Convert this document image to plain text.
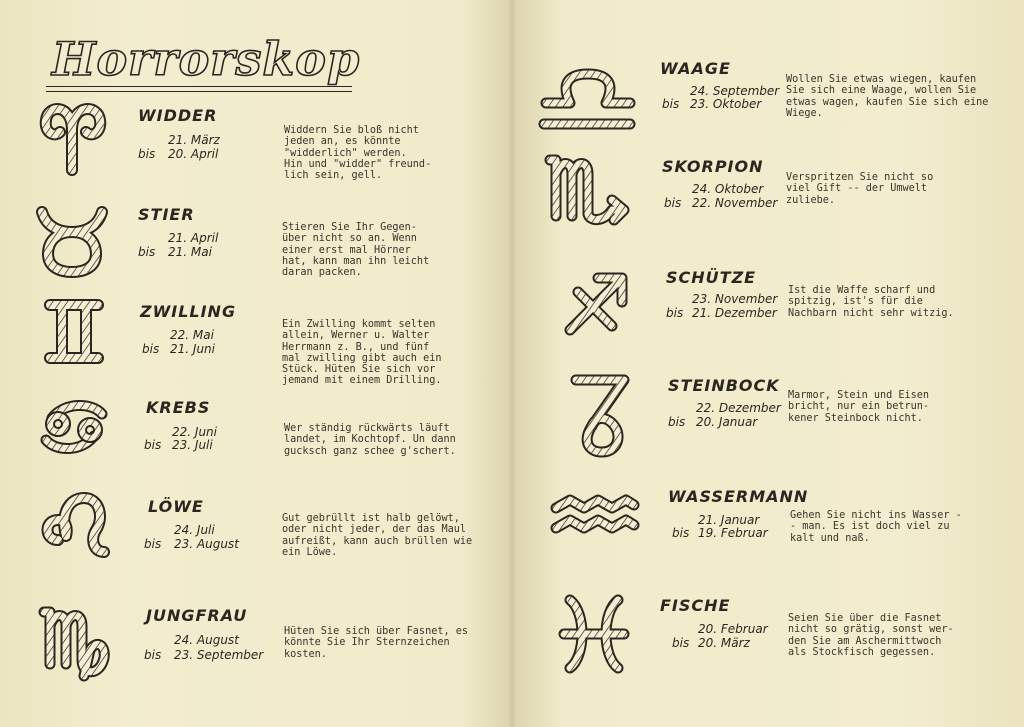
Horrorskop
WIDDER
21. März
bis 20. April
Widdern Sie bloß nicht
jeden an, es könnte
"widderlich" werden.
Hin und "widder" freund-
lich sein, gell.
STIER
21. April
bis 21. Mai
Stieren Sie Ihr Gegen-
über nicht so an. Wenn
einer erst mal Hörner
hat, kann man ihn leicht
daran packen.
ZWILLING
22. Mai
bis 21. Juni
Ein Zwilling kommt selten
allein, Werner u. Walter
Herrmann z. B., und fünf
mal zwilling gibt auch ein
Stück. Hüten Sie sich vor
jemand mit einem Drilling.
KREBS
22. Juni
bis 23. Juli
Wer ständig rückwärts läuft
landet, im Kochtopf. Un dann
gucksch ganz schee g'schert.
LÖWE
24. Juli
bis 23. August
Gut gebrüllt ist halb gelöwt,
oder nicht jeder, der das Maul
aufreißt, kann auch brüllen wie
ein Löwe.
JUNGFRAU
24. August
bis 23. September
Hüten Sie sich über Fasnet, es
könnte Sie Ihr Sternzeichen
kosten.
WAAGE
24. September
bis 23. Oktober
Wollen Sie etwas wiegen, kaufen
Sie sich eine Waage, wollen Sie
etwas wagen, kaufen Sie sich eine
Wiege.
SKORPION
24. Oktober
bis 22. November
Verspritzen Sie nicht so
viel Gift -- der Umwelt
zuliebe.
SCHÜTZE
23. November
bis 21. Dezember
Ist die Waffe scharf und
spitzig, ist's für die
Nachbarn nicht sehr witzig.
STEINBOCK
22. Dezember
bis 20. Januar
Marmor, Stein und Eisen
bricht, nur ein betrun-
kener Steinbock nicht.
WASSERMANN
21. Januar
bis 19. Februar
Gehen Sie nicht ins Wasser -
- man. Es ist doch viel zu
kalt und naß.
FISCHE
20. Februar
bis 20. März
Seien Sie über die Fasnet
nicht so grätig, sonst wer-
den Sie am Aschermittwoch
als Stockfisch gegessen.
